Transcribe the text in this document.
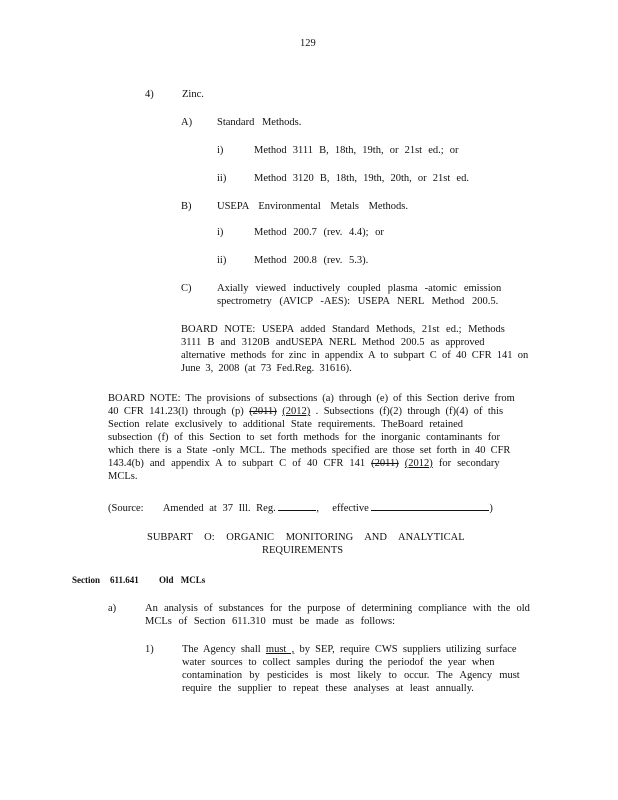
129

4)	Zinc.

A) Standard Methods.

i)	Method 3111 B, 18th, 19th, or 21st ed.; or

ii)	Method 3120 B, 18th, 19th, 20th, or 21st ed.

B) USEPA Environmental Metals Methods.

i)	Method 200.7 (rev. 4.4); or

ii)	Method 200.8 (rev. 5.3).

C) Axially viewed inductively coupled plasma -atomic emission

spectrometry (AVICP -AES): USEPA NERL Method 200.5.

BOARD NOTE: USEPA added Standard Methods, 21st ed.; Methods

3111 B and 3120B andUSEPA NERL Method 200.5 as approved

alternative methods for zinc in appendix A to subpart C of 40 CFR 141 on

June 3, 2008 (at 73 Fed.Reg. 31616).

BOARD NOTE: The provisions of subsections (a) through (e) of this Section derive from

40 CFR 141.23(l) through (p) (2011) (2012) . Subsections (f)(2) through (f)(4) of this

Section relate exclusively to additional State requirements. TheBoard retained

subsection (f) of this Section to set forth methods for the inorganic contaminants for

which there is a State -only MCL. The methods specified are those set forth in 40 CFR

143.4(b) and appendix A to subpart C of 40 CFR 141 (2011) (2012) for secondary

MCLs.

(Source: Amended at 37 Ill. Reg.	, effective	)

SUBPART O: ORGANIC MONITORING AND ANALYTICAL

REQUIREMENTS

Section 611.641 Old MCLs

a)	An analysis of substances for the purpose of determining compliance with the old

MCLs of Section 611.310 must be made as follows:

1)	The Agency shall must , by SEP, require CWS suppliers utilizing surface

water sources to collect samples during the periodof the year when

contamination by pesticides is most likely to occur. The Agency must

require the supplier to repeat these analyses at least annually.
